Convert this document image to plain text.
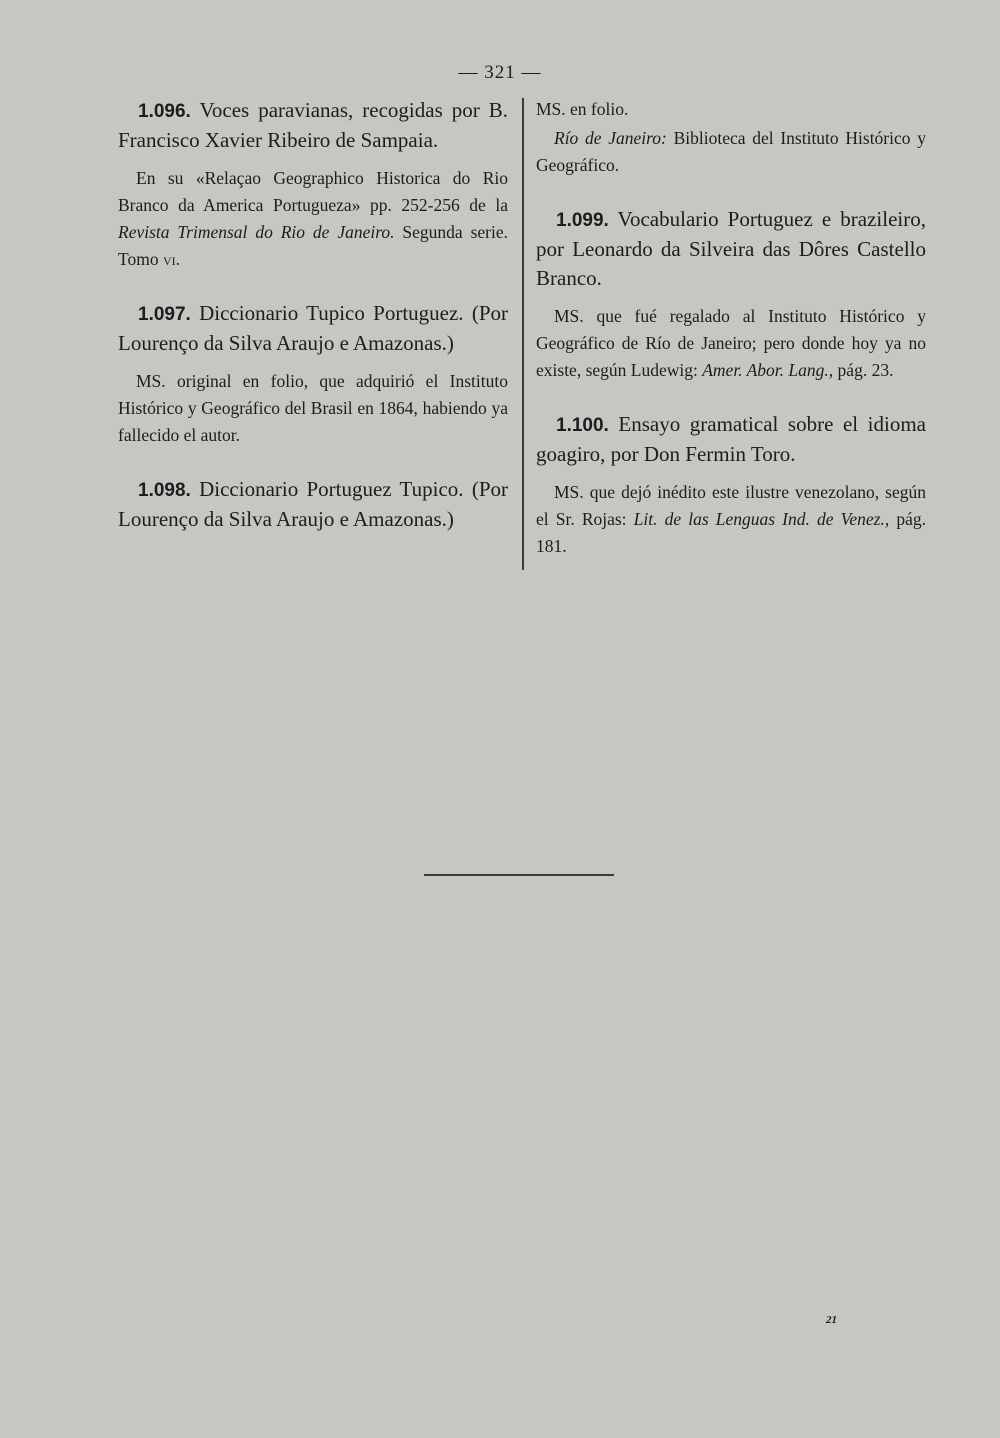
— 321 —

1.096. Voces paravianas, recogidas por B. Francisco Xavier Ribeiro de Sampaia.

En su «Relaçao Geographico Historica do Rio Branco da America Portugueza» pp. 252-256 de la Revista Trimensal do Rio de Janeiro. Segunda serie. Tomo vi.

1.097. Diccionario Tupico Portuguez. (Por Lourenço da Silva Araujo e Amazonas.)

MS. original en folio, que adquirió el Instituto Histórico y Geográfico del Brasil en 1864, habiendo ya fallecido el autor.

1.098. Diccionario Portuguez Tupico. (Por Lourenço da Silva Araujo e Amazonas.)

MS. en folio.

Río de Janeiro: Biblioteca del Instituto Histórico y Geográfico.

1.099. Vocabulario Portuguez e brazileiro, por Leonardo da Silveira das Dôres Castello Branco.

MS. que fué regalado al Instituto Histórico y Geográfico de Río de Janeiro; pero donde hoy ya no existe, según Ludewig: Amer. Abor. Lang., pág. 23.

1.100. Ensayo gramatical sobre el idioma goagiro, por Don Fermin Toro.

MS. que dejó inédito este ilustre venezolano, según el Sr. Rojas: Lit. de las Lenguas Ind. de Venez., pág. 181.

21
